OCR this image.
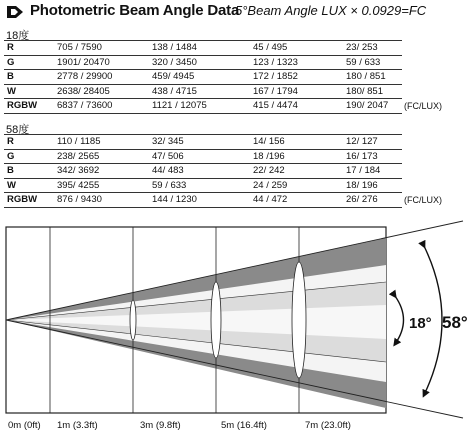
Photometric Beam Angle Data
5°Beam Angle LUX × 0.0929=FC
18度
R	705 / 7590	138 / 1484	45 / 495	23/ 253	
G	1901/ 20470	320 / 3450	123 / 1323	59 / 633	
B	2778 / 29900	459/ 4945	172 / 1852	180 / 851	
W	2638/ 28405	438 / 4715	167 / 1794	180/ 851	
RGBW	6837 / 73600	1121 / 12075	415 / 4474	190/ 2047	(FC/LUX)
58度
R	110 / 1185	32/ 345	14/ 156	12/ 127	
G	238/ 2565	47/ 506	18 /196	16/ 173	
B	342/ 3692	44/ 483	22/ 242	17 / 184	
W	395/ 4255	59 / 633	24 / 259	18/ 196	
RGBW	876 / 9430	144 / 1230	44 / 472	26/ 276	(FC/LUX)
18° 58°
0m (0ft) 1m (3.3ft)	3m (9.8ft)	5m (16.4ft)	7m (23.0ft)
